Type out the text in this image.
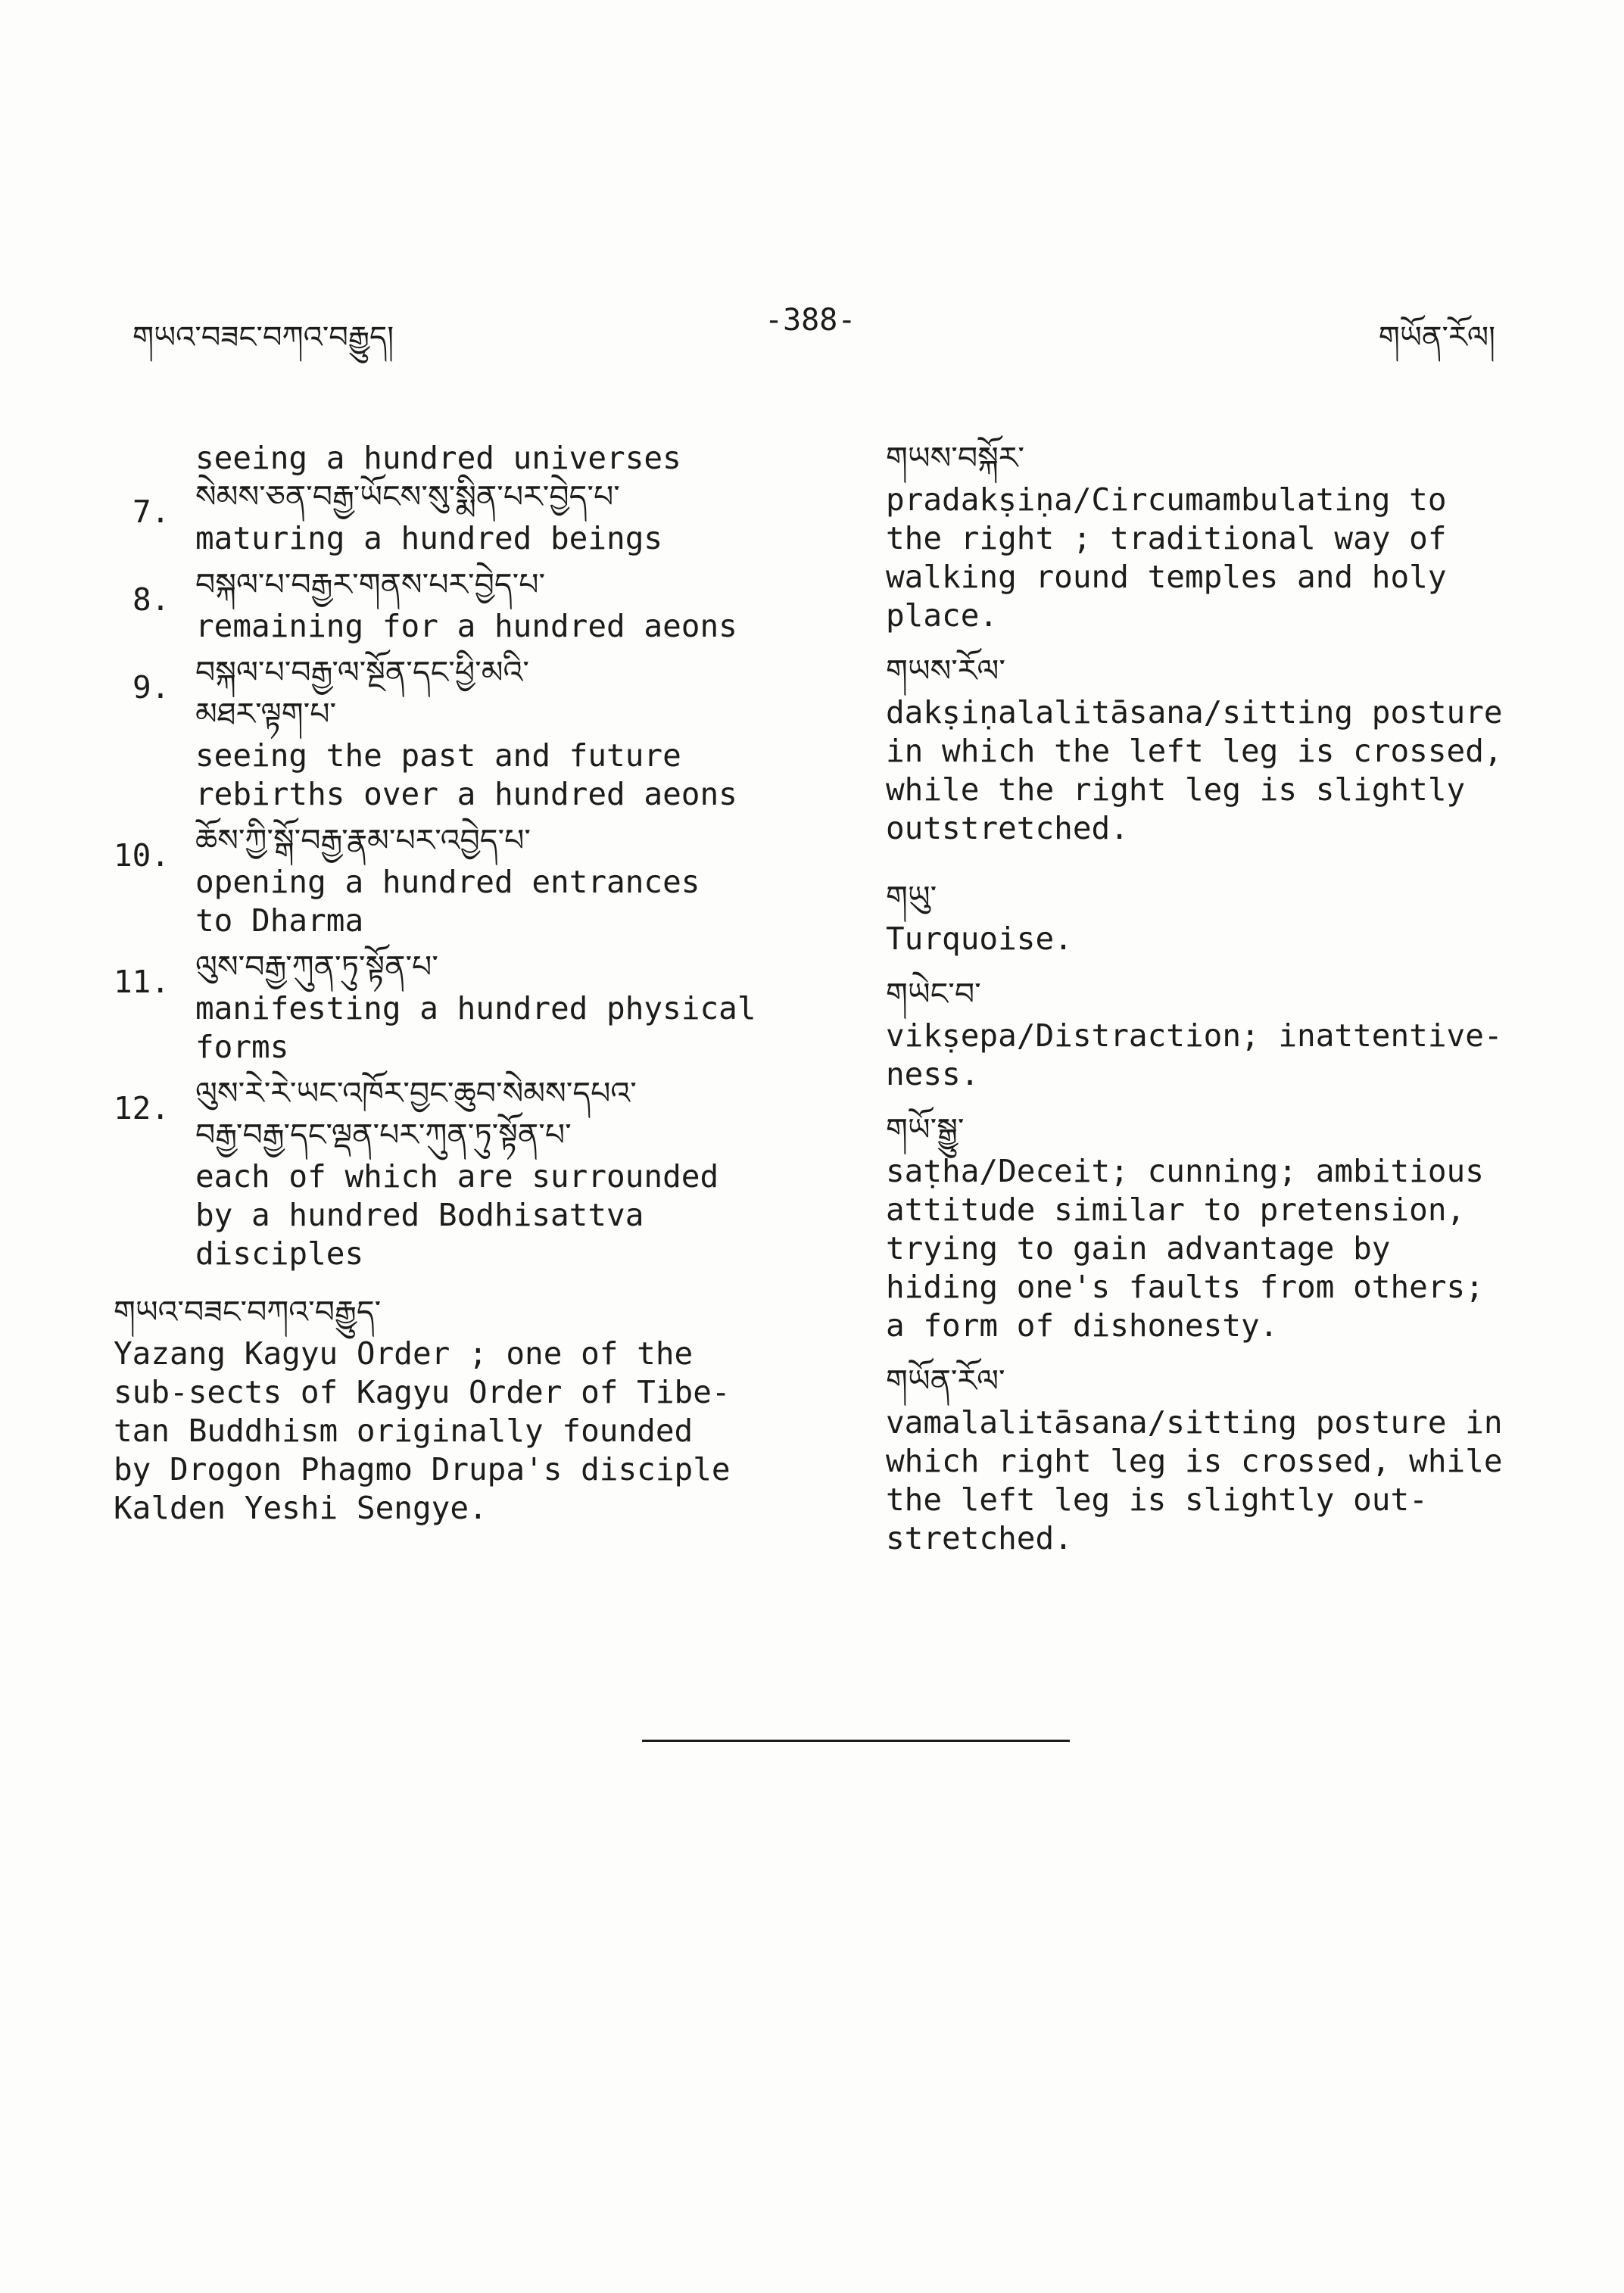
གཡའ་བཟང་བཀའ་བརྒྱུད།	-388-	གཡོན་རོལ།
seeing a hundred universes
7. སེམས་ཅན་བརྒྱ་ཡོངས་སུ་སྨིན་པར་བྱེད་པ་
maturing a hundred beings
8. བསྐལ་པ་བརྒྱར་གནས་པར་བྱེད་པ་
remaining for a hundred aeons
9. བསྐལ་པ་བརྒྱ་ལ་སྔོན་དང་ཕྱི་མའི་
མཐར་ལྟག་པ་
seeing the past and future
rebirths over a hundred aeons
10. ཆོས་ཀྱི་སྒོ་བརྒྱ་རྣམ་པར་འབྱེད་པ་
opening a hundred entrances
to Dharma
11. ལུས་བརྒྱ་ཀུན་ཏུ་སྟོན་པ་
manifesting a hundred physical
forms
12. ལུས་རེ་རེ་ཡང་འཁོར་བྱང་ཆུབ་སེམས་དཔའ་
བརྒྱ་བརྒྱ་དང་ལྡན་པར་ཀུན་ཏུ་སྟོན་པ་
each of which are surrounded
by a hundred Bodhisattva
disciples
གཡའ་བཟང་བཀའ་བརྒྱུད་
Yazang Kagyu Order ; one of the
sub-sects of Kagyu Order of Tibe-
tan Buddhism originally founded
by Drogon Phagmo Drupa's disciple
Kalden Yeshi Sengye.
གཡས་བསྐོར་
pradakṣiṇa/Circumambulating to
the right ; traditional way of
walking round temples and holy
place.
གཡས་རོལ་
dakṣiṇalalitāsana/sitting posture
in which the left leg is crossed,
while the right leg is slightly
outstretched.
གཡུ་
Turquoise.
གཡེང་བ་
vikṣepa/Distraction; inattentive-
ness.
གཡོ་སྒྱུ་
saṭha/Deceit; cunning; ambitious
attitude similar to pretension,
trying to gain advantage by
hiding one's faults from others;
a form of dishonesty.
གཡོན་རོལ་
vamalalitāsana/sitting posture in
which right leg is crossed, while
the left leg is slightly out-
stretched.
